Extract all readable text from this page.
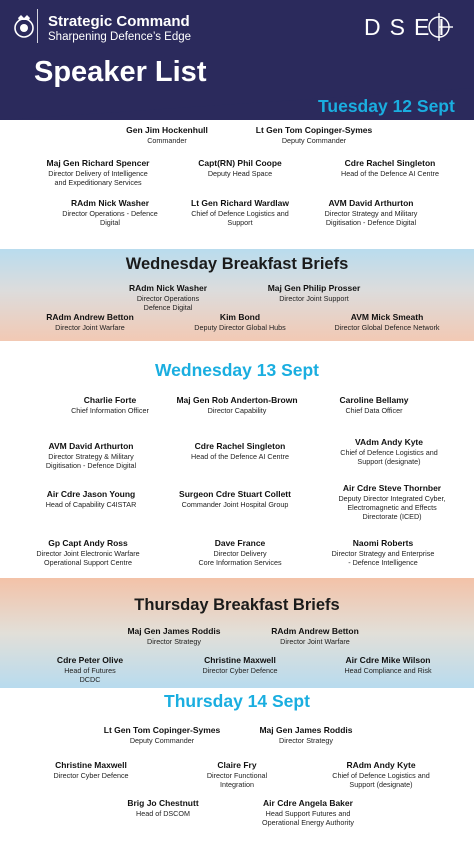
Strategic Command
Sharpening Defence’s Edge	DSEI
Speaker List
Tuesday 12 Sept
Gen Jim Hockenhull
Commander
Lt Gen Tom Copinger-Symes
Deputy Commander
Maj Gen Richard Spencer
Director Delivery of Intelligence
and Expeditionary Services
Capt(RN) Phil Coope
Deputy Head Space
Cdre Rachel Singleton
Head of the Defence AI Centre
RAdm Nick Washer
Director Operations - Defence
Digital
Lt Gen Richard Wardlaw
Chief of Defence Logistics and
Support
AVM David Arthurton
Director Strategy and Military
Digitisation - Defence Digital
Wednesday Breakfast Briefs
RAdm Nick Washer
Director Operations
Defence Digital
Maj Gen Philip Prosser
Director Joint Support
RAdm Andrew Betton
Director Joint Warfare
Kim Bond
Deputy Director Global Hubs
AVM Mick Smeath
Director Global Defence Network
Wednesday 13 Sept
Charlie Forte
Chief Information Officer
Maj Gen Rob Anderton-Brown
Director Capability
Caroline Bellamy
Chief Data Officer
AVM David Arthurton
Director Strategy & Military
Digitisation - Defence Digital
Cdre Rachel Singleton
Head of the Defence AI Centre
VAdm Andy Kyte
Chief of Defence Logistics and
Support (designate)
Air Cdre Jason Young
Head of Capability C4ISTAR
Surgeon Cdre Stuart Collett
Commander Joint Hospital Group
Air Cdre Steve Thornber
Deputy Director Integrated Cyber,
Electromagnetic and Effects
Directorate (ICED)
Gp Capt Andy Ross
Director Joint Electronic Warfare
Operational Support Centre
Dave France
Director Delivery
Core Information Services
Naomi Roberts
Director Strategy and Enterprise
- Defence Intelligence
Thursday Breakfast Briefs
Maj Gen James Roddis
Director Strategy
RAdm Andrew Betton
Director Joint Warfare
Cdre Peter Olive
Head of Futures
DCDC
Christine Maxwell
Director Cyber Defence
Air Cdre Mike Wilson
Head Compliance and Risk
Thursday 14 Sept
Lt Gen Tom Copinger-Symes
Deputy Commander
Maj Gen James Roddis
Director Strategy
Christine Maxwell
Director Cyber Defence
Claire Fry
Director Functional
Integration
RAdm Andy Kyte
Chief of Defence Logistics and
Support (designate)
Brig Jo Chestnutt
Head of DSCOM
Air Cdre Angela Baker
Head Support Futures and
Operational Energy Authority
